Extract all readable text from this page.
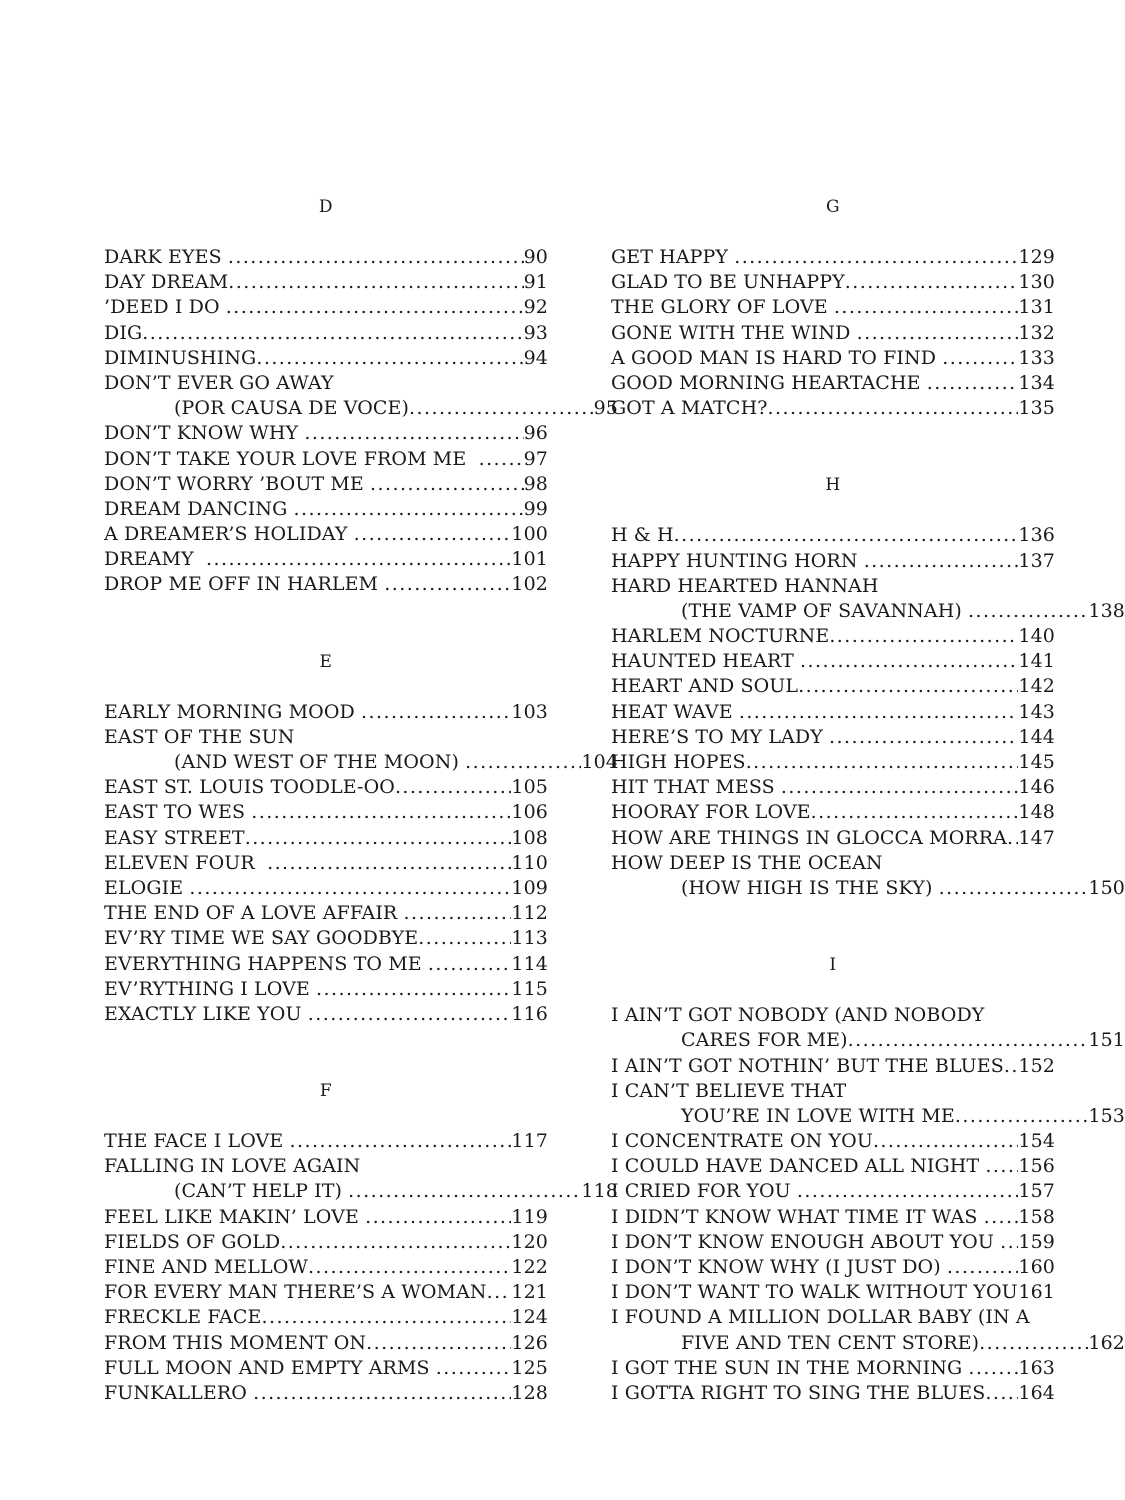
D
DARK EYES .....	90
DAY DREAM .....	91
’DEED I DO .....	92
DIG .....	93
DIMINUSHING .....	94
DON’T EVER GO AWAY
(POR CAUSA DE VOCE) .....	95
DON’T KNOW WHY .....	96
DON’T TAKE YOUR LOVE FROM ME ..... 97
DON’T WORRY ’BOUT ME .....	98
DREAM DANCING .....	99
A DREAMER’S HOLIDAY .....	100
DREAMY .....	101
DROP ME OFF IN HARLEM .....	102
E
EARLY MORNING MOOD .....	103
EAST OF THE SUN
(AND WEST OF THE MOON) .....	104
EAST ST. LOUIS TOODLE-OO .....	105
EAST TO WES .....	106
EASY STREET .....	108
ELEVEN FOUR .....	110
ELOGIE .....	109
THE END OF A LOVE AFFAIR .....	112
EV’RY TIME WE SAY GOODBYE .....	113
EVERYTHING HAPPENS TO ME .....	114
EV’RYTHING I LOVE .....	115
EXACTLY LIKE YOU .....	116
F
THE FACE I LOVE .....	117
FALLING IN LOVE AGAIN
(CAN’T HELP IT) .....	118
FEEL LIKE MAKIN’ LOVE .....	119
FIELDS OF GOLD .....	120
FINE AND MELLOW .....	122
FOR EVERY MAN THERE’S A WOMAN ..... 121
FRECKLE FACE .....	124
FROM THIS MOMENT ON .....	126
FULL MOON AND EMPTY ARMS .....	125
FUNKALLERO .....	128
G
GET HAPPY .....	129
GLAD TO BE UNHAPPY .....	130
THE GLORY OF LOVE .....	131
GONE WITH THE WIND .....	132
A GOOD MAN IS HARD TO FIND .....	133
GOOD MORNING HEARTACHE .....	134
GOT A MATCH? .....	135
H
H & H .....	136
HAPPY HUNTING HORN .....	137
HARD HEARTED HANNAH
(THE VAMP OF SAVANNAH) .....	138
HARLEM NOCTURNE .....	140
HAUNTED HEART .....	141
HEART AND SOUL .....	142
HEAT WAVE .....	143
HERE’S TO MY LADY .....	144
HIGH HOPES .....	145
HIT THAT MESS .....	146
HOORAY FOR LOVE .....	148
HOW ARE THINGS IN GLOCCA MORRA ..... 147
HOW DEEP IS THE OCEAN
(HOW HIGH IS THE SKY) .....	150
I
I AIN’T GOT NOBODY (AND NOBODY
CARES FOR ME) .....	151
I AIN’T GOT NOTHIN’ BUT THE BLUES ..... 152
I CAN’T BELIEVE THAT
YOU’RE IN LOVE WITH ME .....	153
I CONCENTRATE ON YOU .....	154
I COULD HAVE DANCED ALL NIGHT ..... 156
I CRIED FOR YOU .....	157
I DIDN’T KNOW WHAT TIME IT WAS ..... 158
I DON’T KNOW ENOUGH ABOUT YOU ..... 159
I DON’T KNOW WHY (I JUST DO) .....	160
I DON’T WANT TO WALK WITHOUT YOU ..... 161
I FOUND A MILLION DOLLAR BABY (IN A
FIVE AND TEN CENT STORE) .....	162
I GOT THE SUN IN THE MORNING .....	163
I GOTTA RIGHT TO SING THE BLUES ..... 164
